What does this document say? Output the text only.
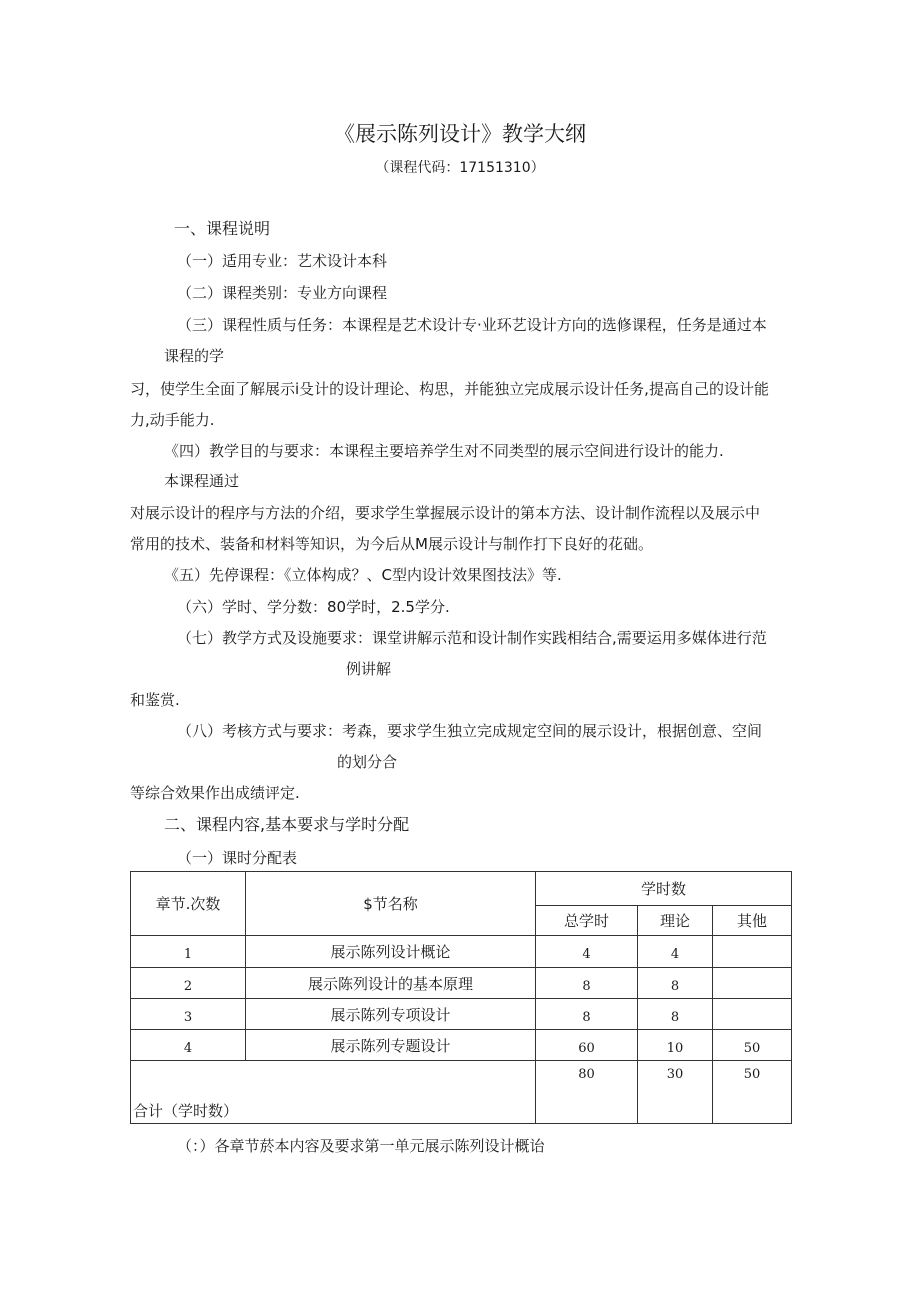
《展示陈列设计》教学大纲
（课程代码：17151310）
一、课程说明
（一）适用专业：艺术设计本科
（二）课程类别：专业方向课程
（三）课程性质与任务：本课程是艺术设计专·业环艺设计方向的选修课程，任务是通过本
课程的学
习，使学生全面了解展示i殳计的设计理论、构思，并能独立完成展示设计任务,提高自己的设计能
力,动手能力.
《四）教学目的与要求：本课程主要培养学生对不同类型的展示空间进行设计的能力.
本课程通过
对展示设计的程序与方法的介绍，要求学生掌握展示设计的第本方法、设计制作流程以及展示中
常用的技术、装备和材料等知识，为今后从M展示设计与制作打下良好的花础。
《五）先停课程：《立体构成？、C型内设计效果图技法》等.
（六）学时、学分数：80学时，2.5学分.
（七）教学方式及设施要求：课堂讲解示范和设计制作实践相结合,需要运用多媒体进行范
例讲解
和鉴赏.
（八）考核方式与要求：考森，要求学生独立完成规定空间的展示设计，根据创意、空间
的划分合
等综合效果作出成绩评定.
二、课程内容,基本要求与学时分配
（一）课时分配表
章节.次数	$节名称	学时数		
		总学时	理论	其他
1	展示陈列设计概论	4	4	
2	展示陈列设计的基本原理	8	8	
3	展示陈列专项设计	8	8	
4	展示陈列专题设计	60	10	50
合计（学时数）		80	30	50
（：）各章节菸本内容及要求第一单元展示陈列设计概诒
